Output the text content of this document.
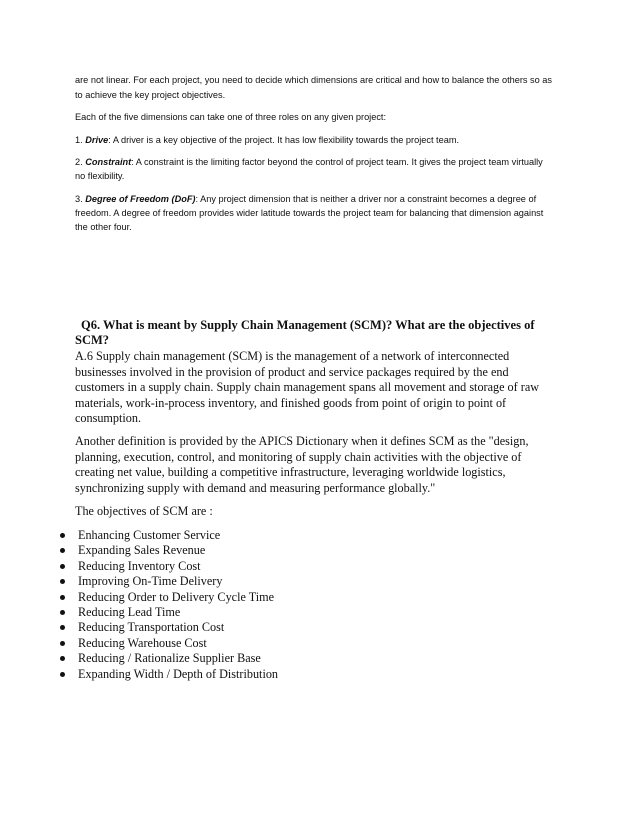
are not linear. For each project, you need to decide which dimensions are critical and how to balance the others so as

to achieve the key project objectives.

Each of the five dimensions can take one of three roles on any given project:

1. Drive: A driver is a key objective of the project. It has low flexibility towards the project team.

2. Constraint: A constraint is the limiting factor beyond the control of project team. It gives the project team virtually

no flexibility.

3. Degree of Freedom (DoF): Any project dimension that is neither a driver nor a constraint becomes a degree of

freedom. A degree of freedom provides wider latitude towards the project team for balancing that dimension against

the other four.

Q6. What is meant by Supply Chain Management (SCM)? What are the objectives of

SCM?

A.6 Supply chain management (SCM) is the management of a network of interconnected

businesses involved in the provision of product and service packages required by the end

customers in a supply chain. Supply chain management spans all movement and storage of raw

materials, work-in-process inventory, and finished goods from point of origin to point of

consumption.

Another definition is provided by the APICS Dictionary when it defines SCM as the "design,

planning, execution, control, and monitoring of supply chain activities with the objective of

creating net value, building a competitive infrastructure, leveraging worldwide logistics,

synchronizing supply with demand and measuring performance globally."

The objectives of SCM are :

Enhancing Customer Service
Expanding Sales Revenue
Reducing Inventory Cost
Improving On-Time Delivery
Reducing Order to Delivery Cycle Time
Reducing Lead Time
Reducing Transportation Cost
Reducing Warehouse Cost
Reducing / Rationalize Supplier Base
Expanding Width / Depth of Distribution
